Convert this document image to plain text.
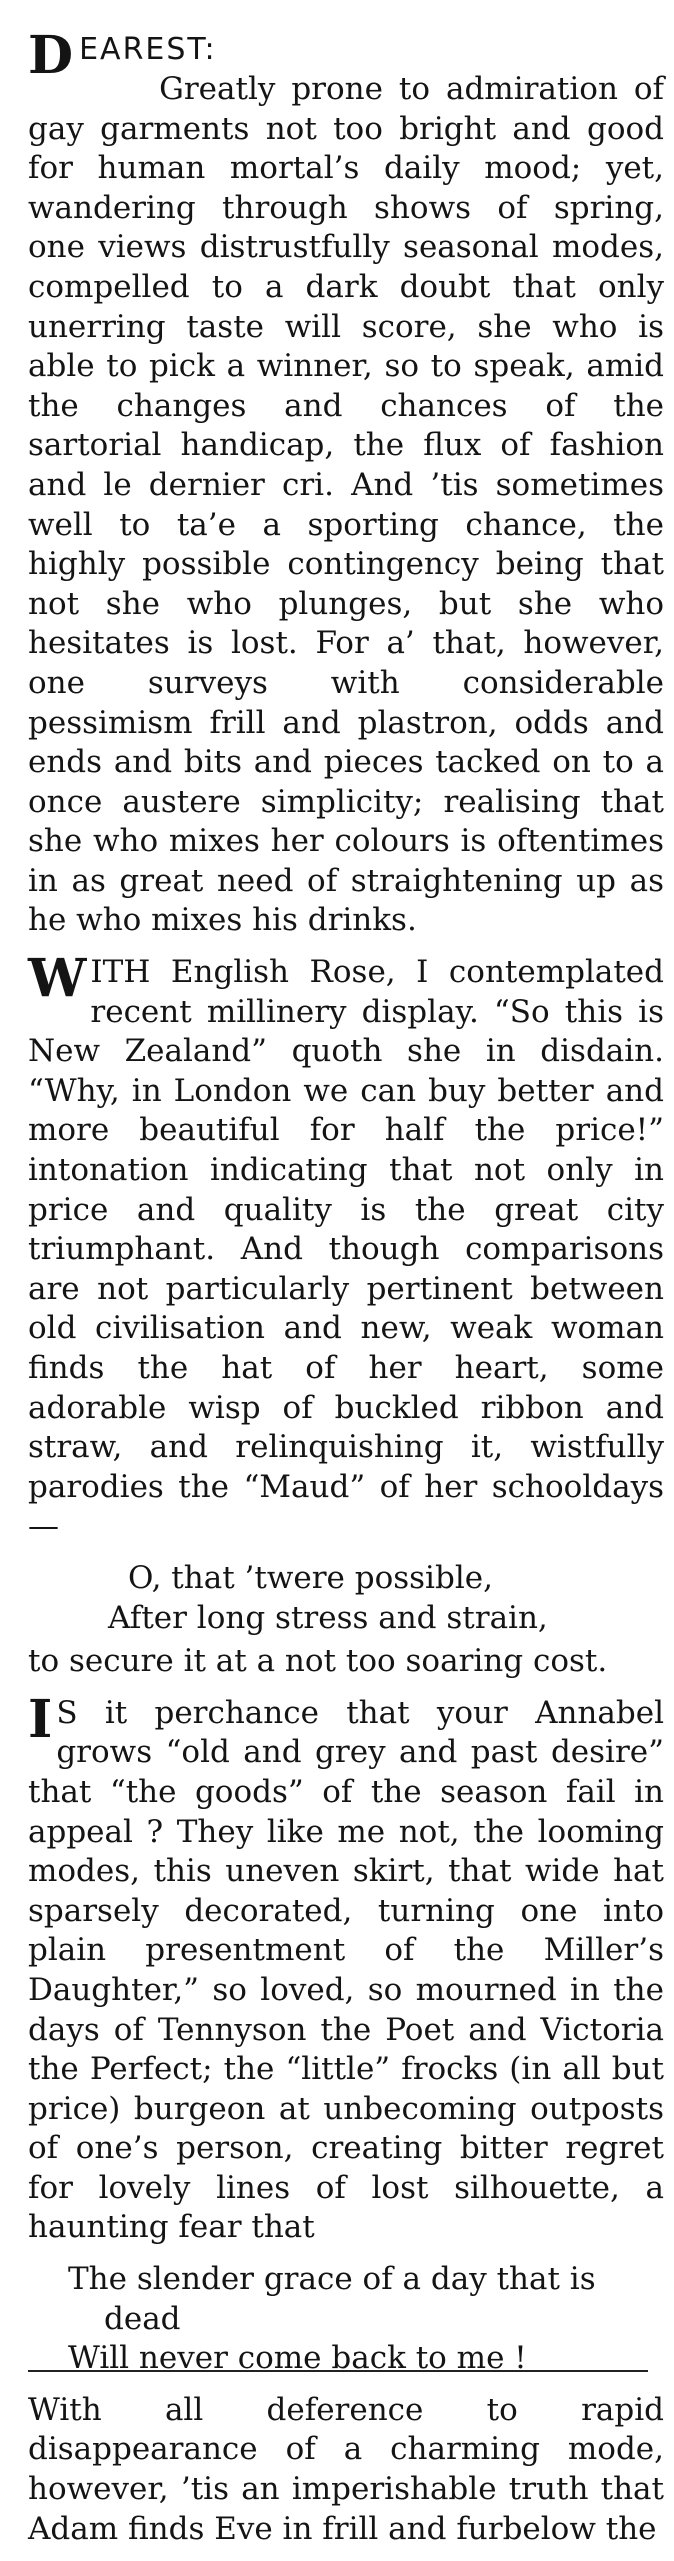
DEAREST:

Greatly prone to admiration of gay garments not too bright and good for human mortal’s daily mood; yet, wandering through shows of spring, one views distrustfully seasonal modes, compelled to a dark doubt that only unerring taste will score, she who is able to pick a winner, so to speak, amid the changes and chances of the sartorial handicap, the flux of fashion and le dernier cri. And ’tis sometimes well to ta’e a sporting chance, the highly possible contingency being that not she who plunges, but she who hesitates is lost. For a’ that, however, one surveys with considerable pessimism frill and plastron, odds and ends and bits and pieces tacked on to a once austere simplicity; realising that she who mixes her colours is oftentimes in as great need of straightening up as he who mixes his drinks.

WITH English Rose, I contemplated recent millinery display. “So this is New Zealand” quoth she in disdain. “Why, in London we can buy better and more beautiful for half the price!” intonation indicating that not only in price and quality is the great city triumphant. And though comparisons are not particularly pertinent between old civilisation and new, weak woman finds the hat of her heart, some adorable wisp of buckled ribbon and straw, and relinquishing it, wistfully parodies the “Maud” of her schooldays—

O, that ’twere possible,
After long stress and strain,

to secure it at a not too soaring cost.

I S it perchance that your Annabel grows “old and grey and past desire” that “the goods” of the season fail in appeal ? They like me not, the looming modes, this uneven skirt, that wide hat sparsely decorated, turning one into plain presentment of the Miller’s Daughter,” so loved, so mourned in the days of Tennyson the Poet and Victoria the Perfect; the “little” frocks (in all but price) burgeon at unbecoming outposts of one’s person, creating bitter regret for lovely lines of lost silhouette, a haunting fear that

The slender grace of a day that is
dead
Will never come back to me !

With all deference to rapid disappearance of a charming mode, however, ’tis an imperishable truth that Adam finds Eve in frill and furbelow the
